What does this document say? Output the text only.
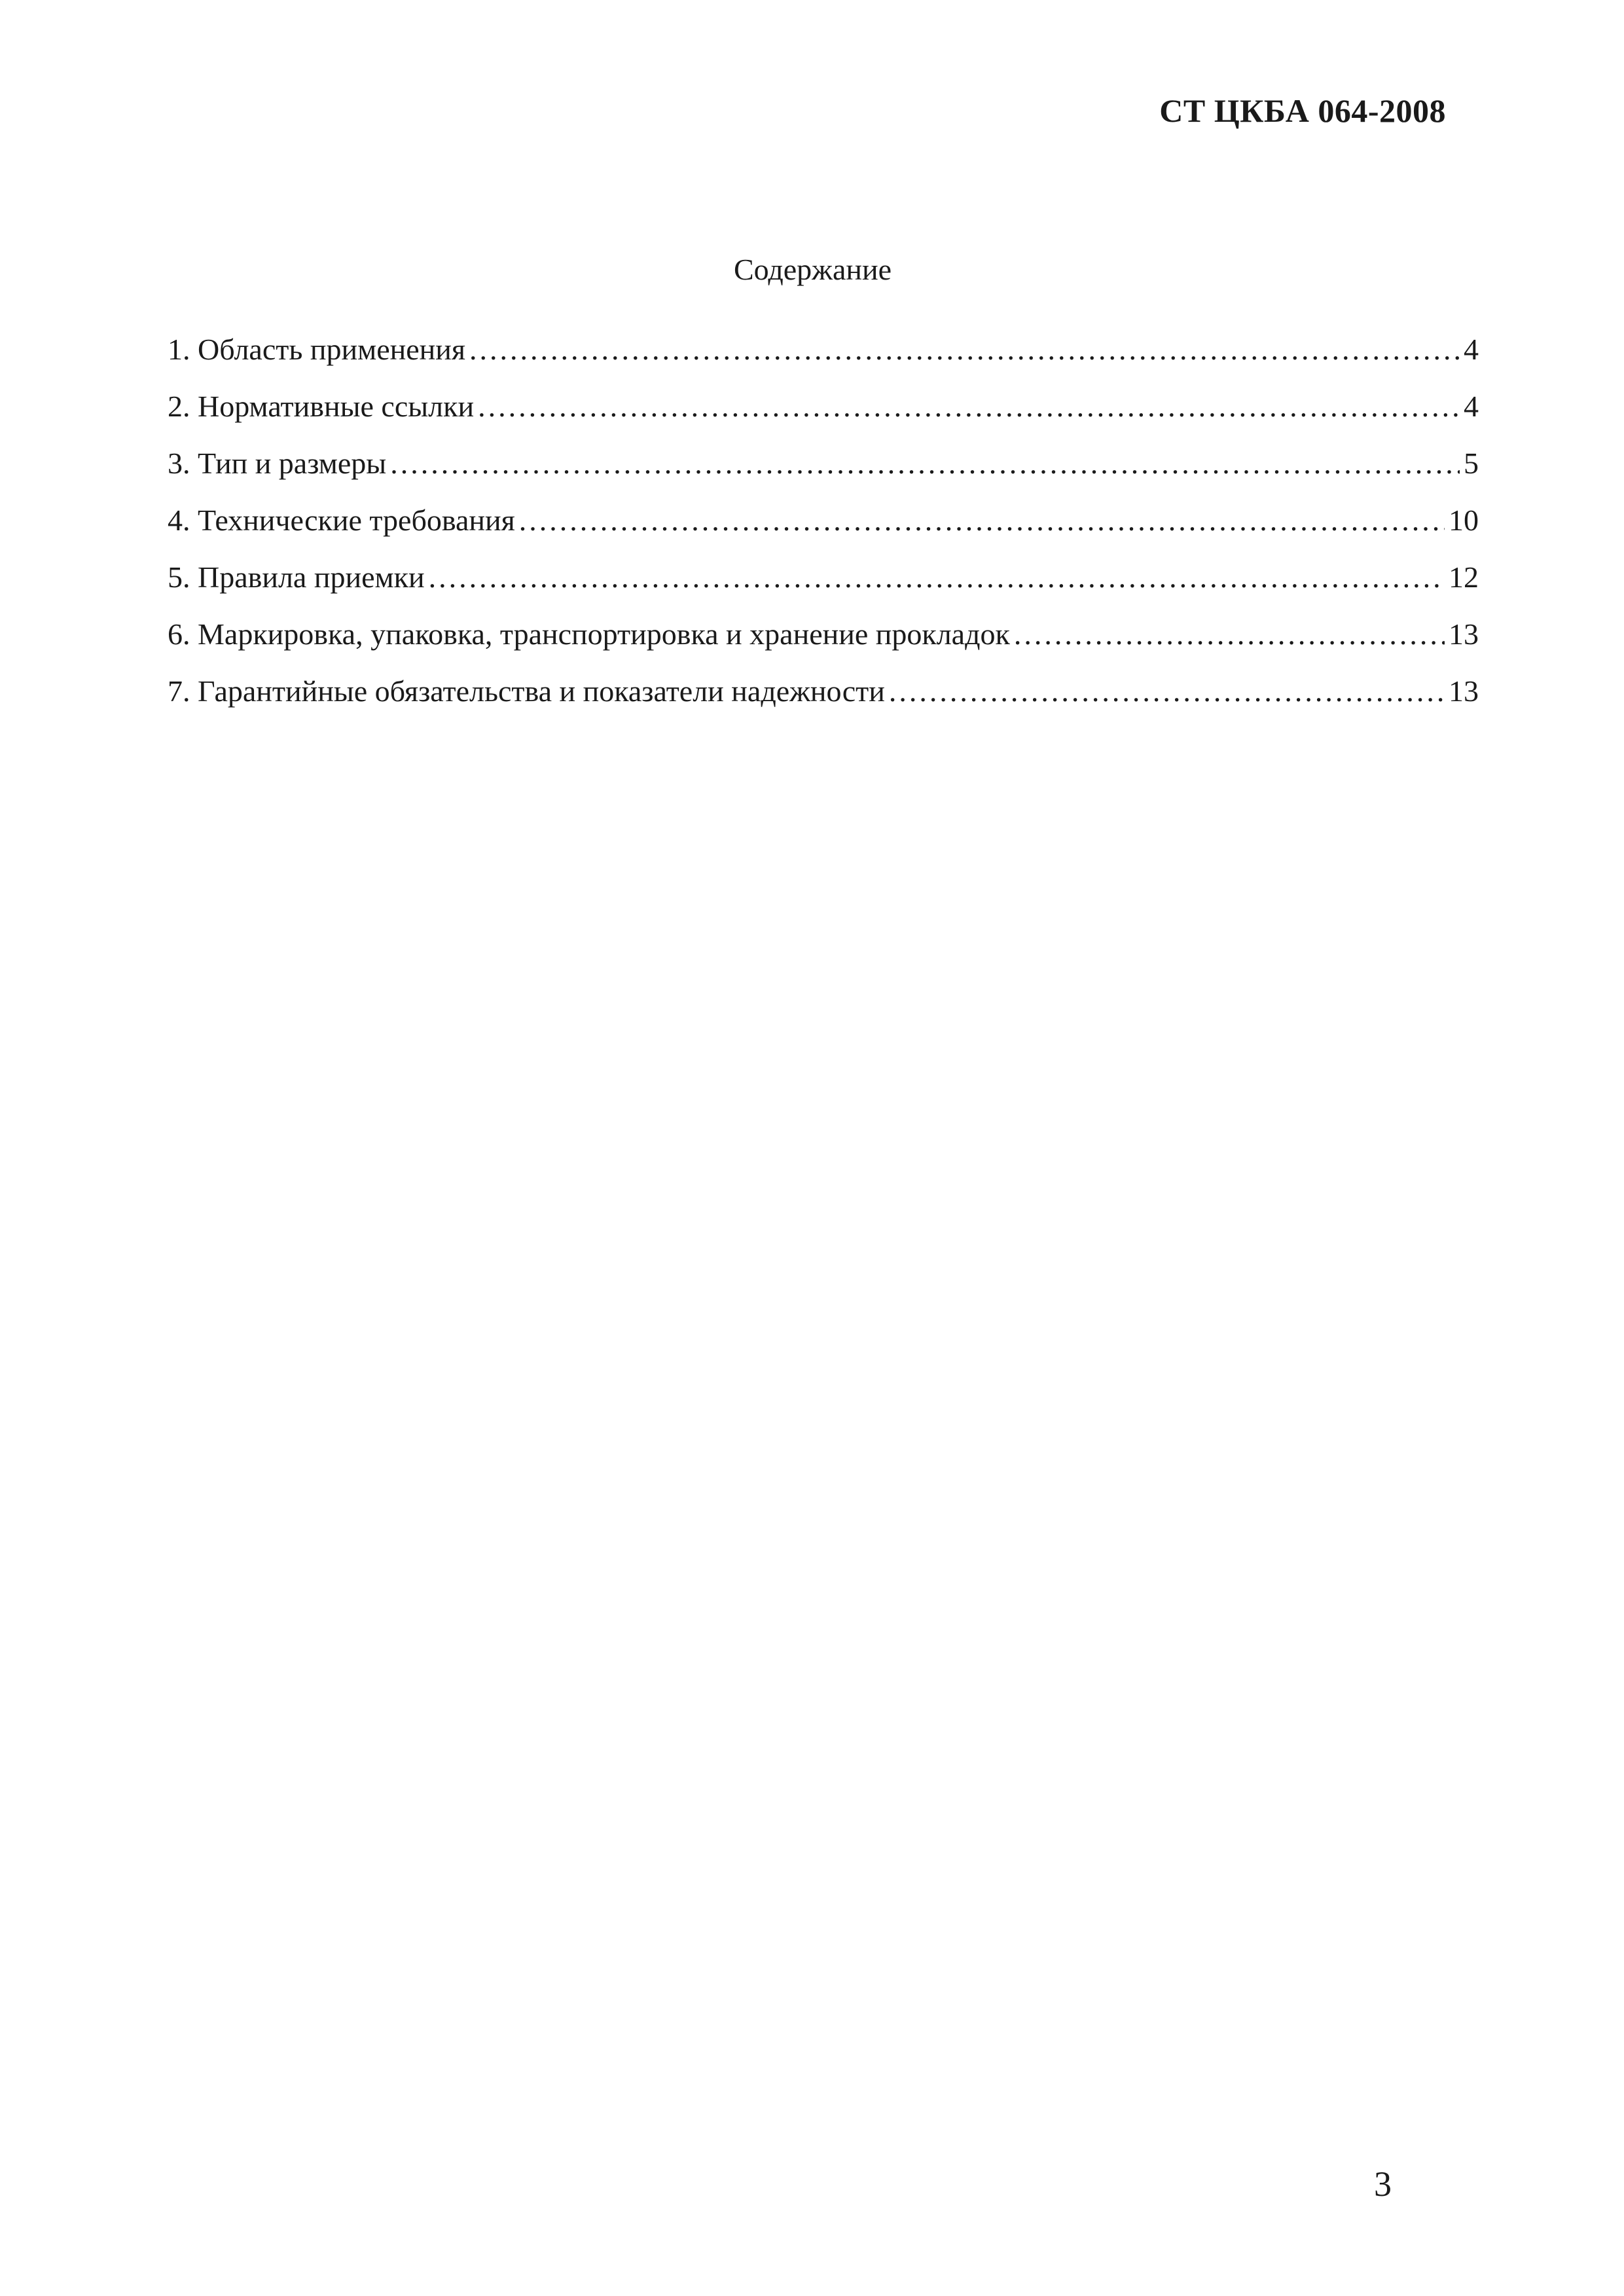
СТ ЦКБА 064-2008
Содержание
1. Область применения .....	4
2. Нормативные ссылки .....	4
3. Тип и размеры .....	5
4. Технические требования .....	10
5. Правила приемки .....	12
6. Маркировка, упаковка, транспортировка и хранение прокладок .....	13
7. Гарантийные обязательства и показатели надежности .....	13
3
